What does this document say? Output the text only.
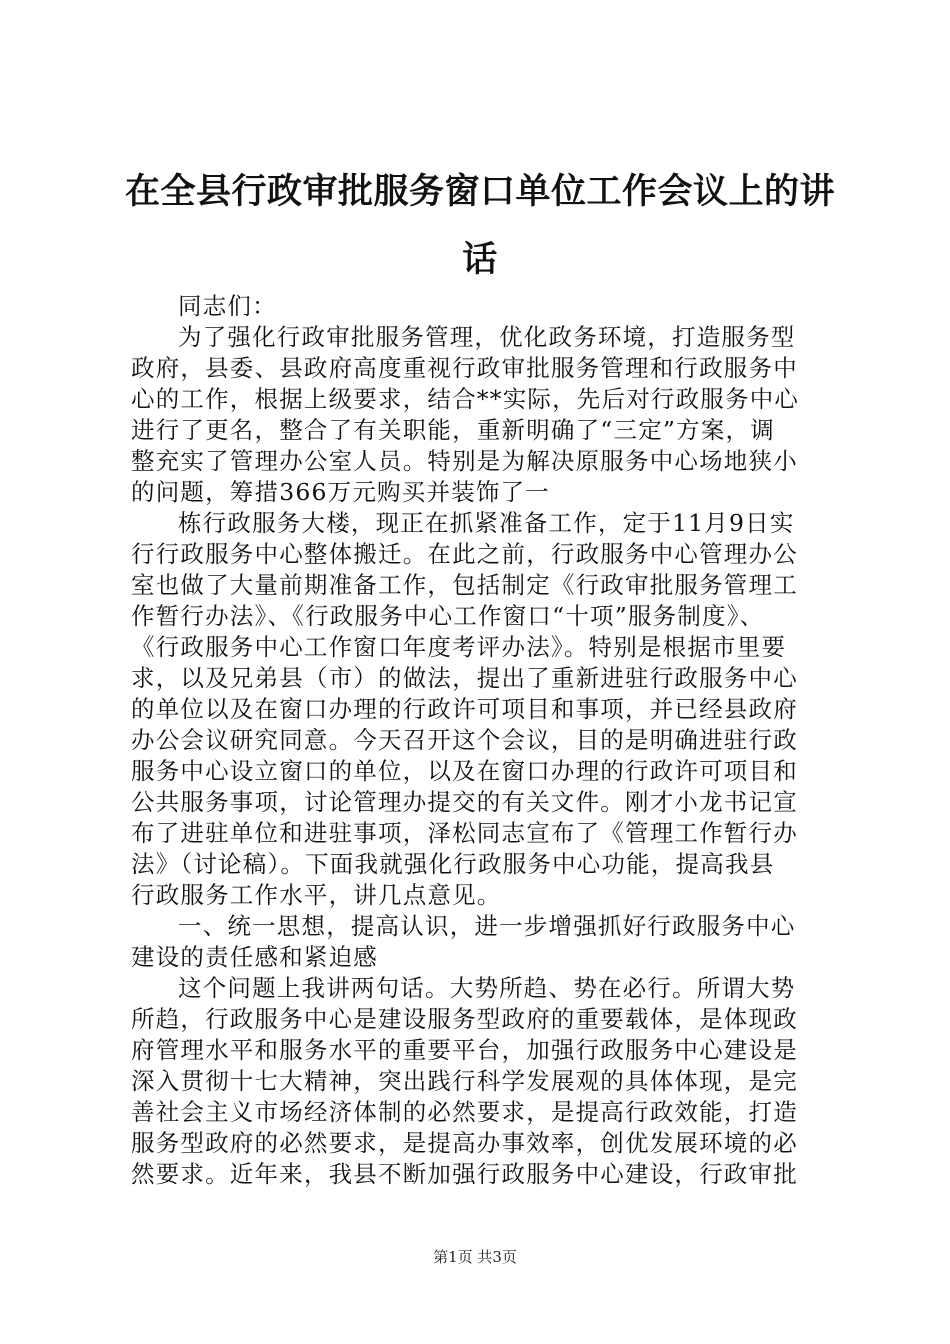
在全县行政审批服务窗口单位工作会议上的讲
话
同志们：
为了强化行政审批服务管理，优化政务环境，打造服务型
政府，县委、县政府高度重视行政审批服务管理和行政服务中
心的工作，根据上级要求，结合**实际，先后对行政服务中心
进行了更名，整合了有关职能，重新明确了“三定”方案，调
整充实了管理办公室人员。特别是为解决原服务中心场地狭小
的问题，筹措366万元购买并装饰了一
栋行政服务大楼，现正在抓紧准备工作，定于11月9日实
行行政服务中心整体搬迁。在此之前，行政服务中心管理办公
室也做了大量前期准备工作，包括制定《行政审批服务管理工
作暂行办法》、《行政服务中心工作窗口“十项”服务制度》、
《行政服务中心工作窗口年度考评办法》。特别是根据市里要
求，以及兄弟县（市）的做法，提出了重新进驻行政服务中心
的单位以及在窗口办理的行政许可项目和事项，并已经县政府
办公会议研究同意。今天召开这个会议，目的是明确进驻行政
服务中心设立窗口的单位，以及在窗口办理的行政许可项目和
公共服务事项，讨论管理办提交的有关文件。刚才小龙书记宣
布了进驻单位和进驻事项，泽松同志宣布了《管理工作暂行办
法》（讨论稿）。下面我就强化行政服务中心功能，提高我县
行政服务工作水平，讲几点意见。
一、统一思想，提高认识，进一步增强抓好行政服务中心
建设的责任感和紧迫感
这个问题上我讲两句话。大势所趋、势在必行。所谓大势
所趋，行政服务中心是建设服务型政府的重要载体，是体现政
府管理水平和服务水平的重要平台，加强行政服务中心建设是
深入贯彻十七大精神，突出践行科学发展观的具体体现，是完
善社会主义市场经济体制的必然要求，是提高行政效能，打造
服务型政府的必然要求，是提高办事效率，创优发展环境的必
然要求。近年来，我县不断加强行政服务中心建设，行政审批
第1页 共3页
